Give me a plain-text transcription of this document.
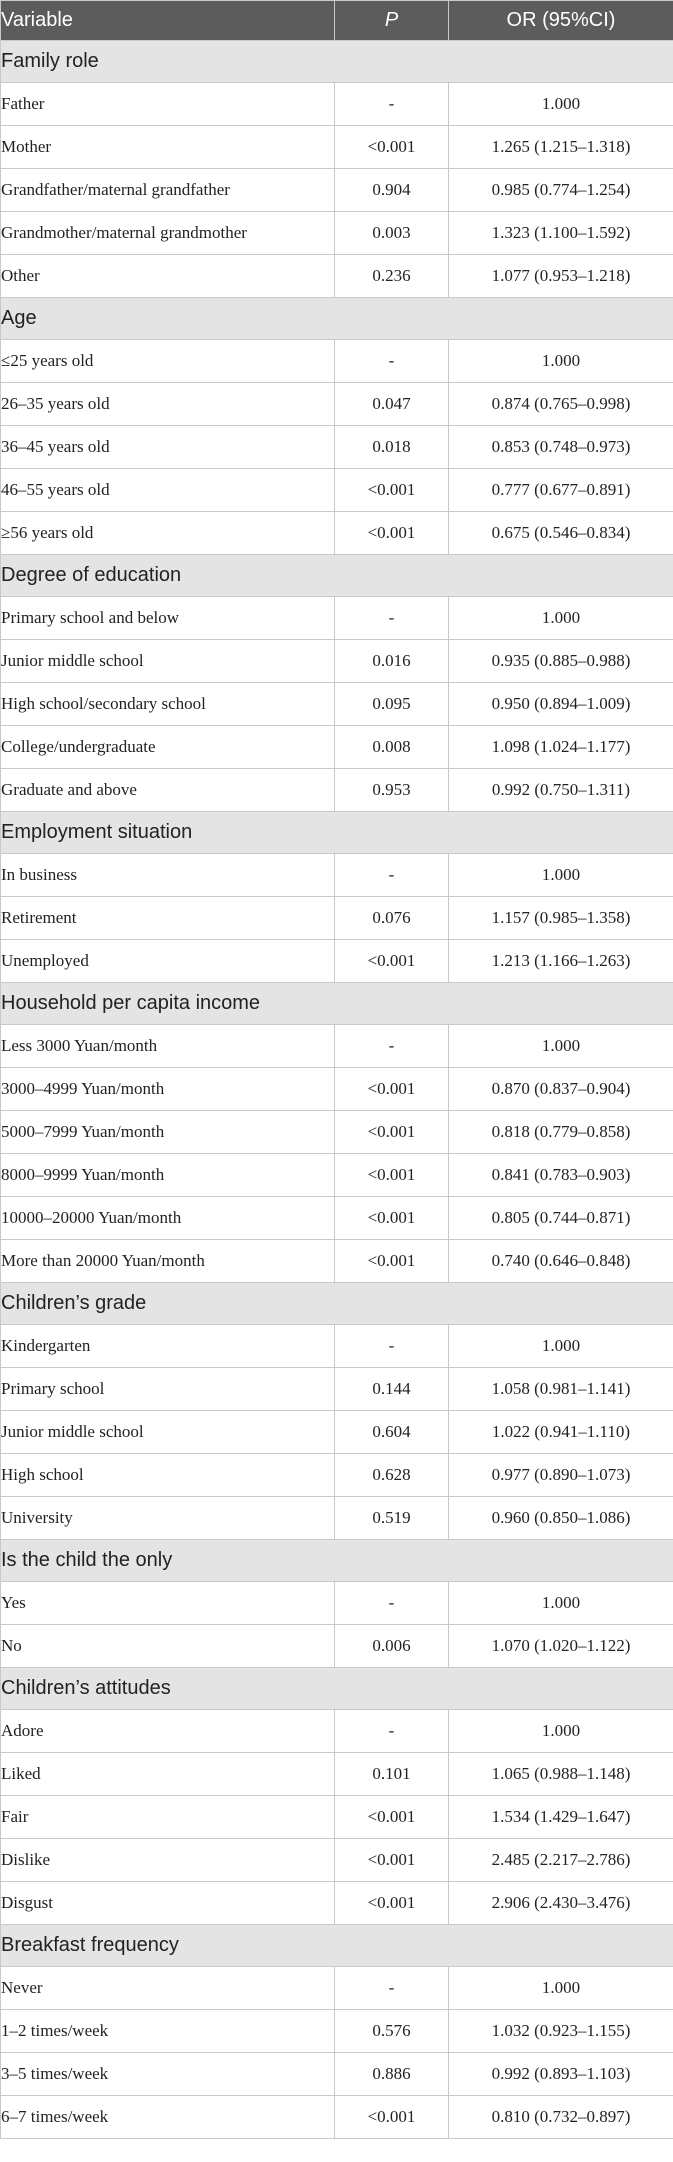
Variable	P	OR (95%CI)
Family role		
Father	-	1.000
Mother	<0.001	1.265 (1.215–1.318)
Grandfather/maternal grandfather	0.904	0.985 (0.774–1.254)
Grandmother/maternal grandmother	0.003	1.323 (1.100–1.592)
Other	0.236	1.077 (0.953–1.218)
Age		
≤25 years old	-	1.000
26–35 years old	0.047	0.874 (0.765–0.998)
36–45 years old	0.018	0.853 (0.748–0.973)
46–55 years old	<0.001	0.777 (0.677–0.891)
≥56 years old	<0.001	0.675 (0.546–0.834)
Degree of education		
Primary school and below	-	1.000
Junior middle school	0.016	0.935 (0.885–0.988)
High school/secondary school	0.095	0.950 (0.894–1.009)
College/undergraduate	0.008	1.098 (1.024–1.177)
Graduate and above	0.953	0.992 (0.750–1.311)
Employment situation		
In business	-	1.000
Retirement	0.076	1.157 (0.985–1.358)
Unemployed	<0.001	1.213 (1.166–1.263)
Household per capita income		
Less 3000 Yuan/month	-	1.000
3000–4999 Yuan/month	<0.001	0.870 (0.837–0.904)
5000–7999 Yuan/month	<0.001	0.818 (0.779–0.858)
8000–9999 Yuan/month	<0.001	0.841 (0.783–0.903)
10000–20000 Yuan/month	<0.001	0.805 (0.744–0.871)
More than 20000 Yuan/month	<0.001	0.740 (0.646–0.848)
Children’s grade		
Kindergarten	-	1.000
Primary school	0.144	1.058 (0.981–1.141)
Junior middle school	0.604	1.022 (0.941–1.110)
High school	0.628	0.977 (0.890–1.073)
University	0.519	0.960 (0.850–1.086)
Is the child the only		
Yes	-	1.000
No	0.006	1.070 (1.020–1.122)
Children’s attitudes		
Adore	-	1.000
Liked	0.101	1.065 (0.988–1.148)
Fair	<0.001	1.534 (1.429–1.647)
Dislike	<0.001	2.485 (2.217–2.786)
Disgust	<0.001	2.906 (2.430–3.476)
Breakfast frequency		
Never	-	1.000
1–2 times/week	0.576	1.032 (0.923–1.155)
3–5 times/week	0.886	0.992 (0.893–1.103)
6–7 times/week	<0.001	0.810 (0.732–0.897)
